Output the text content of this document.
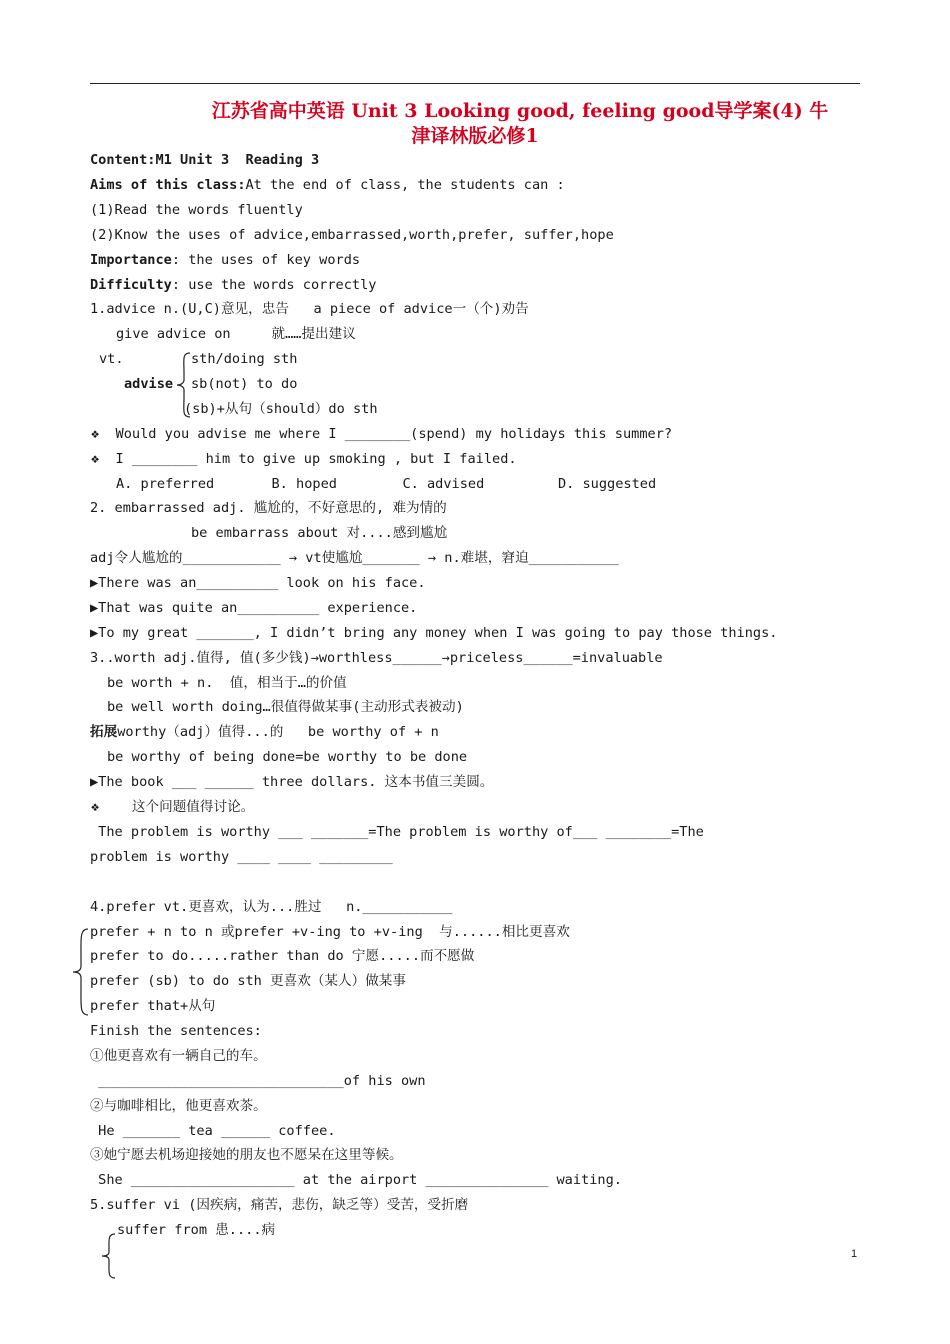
江苏省高中英语 Unit 3 Looking good, feeling good导学案(4) 牛
津译林版必修1
Content:M1 Unit 3  Reading 3
Aims of this class:At the end of class, the students can :
(1)Read the words fluently
(2)Know the uses of advice,embarrassed,worth,prefer, suffer,hope
Importance: the uses of key words
Difficulty: use the words correctly
1.advice n.(U,C)意见，忠告   a piece of advice一（个)劝告
give advice on     就……提出建议
vt.
advise
sth/doing sth
sb(not) to do
(sb)+从句（should）do sth
❖  Would you advise me where I ________(spend) my holidays this summer?
❖  I ________ him to give up smoking , but I failed.
A. preferred       B. hoped        C. advised         D. suggested
2. embarrassed adj. 尴尬的，不好意思的, 难为情的
be embarrass about 对....感到尴尬
adj令人尴尬的____________ → vt使尴尬_______ → n.难堪，窘迫___________
▶There was an__________ look on his face.
▶That was quite an__________ experience.
▶To my great _______, I didn’t bring any money when I was going to pay those things.
3..worth adj.值得, 值(多少钱)→worthless______→priceless______=invaluable
be worth + n.  值，相当于…的价值
be well worth doing…很值得做某事(主动形式表被动)
拓展worthy（adj）值得...的   be worthy of + n
be worthy of being done=be worthy to be done
▶The book ___ ______ three dollars. 这本书值三美圆。
❖    这个问题值得讨论。
The problem is worthy ___ _______=The problem is worthy of___ ________=The
problem is worthy ____ ____ _________
4.prefer vt.更喜欢，认为...胜过   n.___________
prefer + n to n 或prefer +v-ing to +v-ing  与......相比更喜欢
prefer to do.....rather than do 宁愿.....而不愿做
prefer (sb) to do sth 更喜欢（某人）做某事
prefer that+从句
Finish the sentences:
①他更喜欢有一辆自己的车。
______________________________of his own
②与咖啡相比，他更喜欢茶。
He _______ tea ______ coffee.
③她宁愿去机场迎接她的朋友也不愿呆在这里等候。
She ____________________ at the airport _______________ waiting.
5.suffer vi (因疾病，痛苦，悲伤，缺乏等）受苦，受折磨
suffer from 患....病
1
